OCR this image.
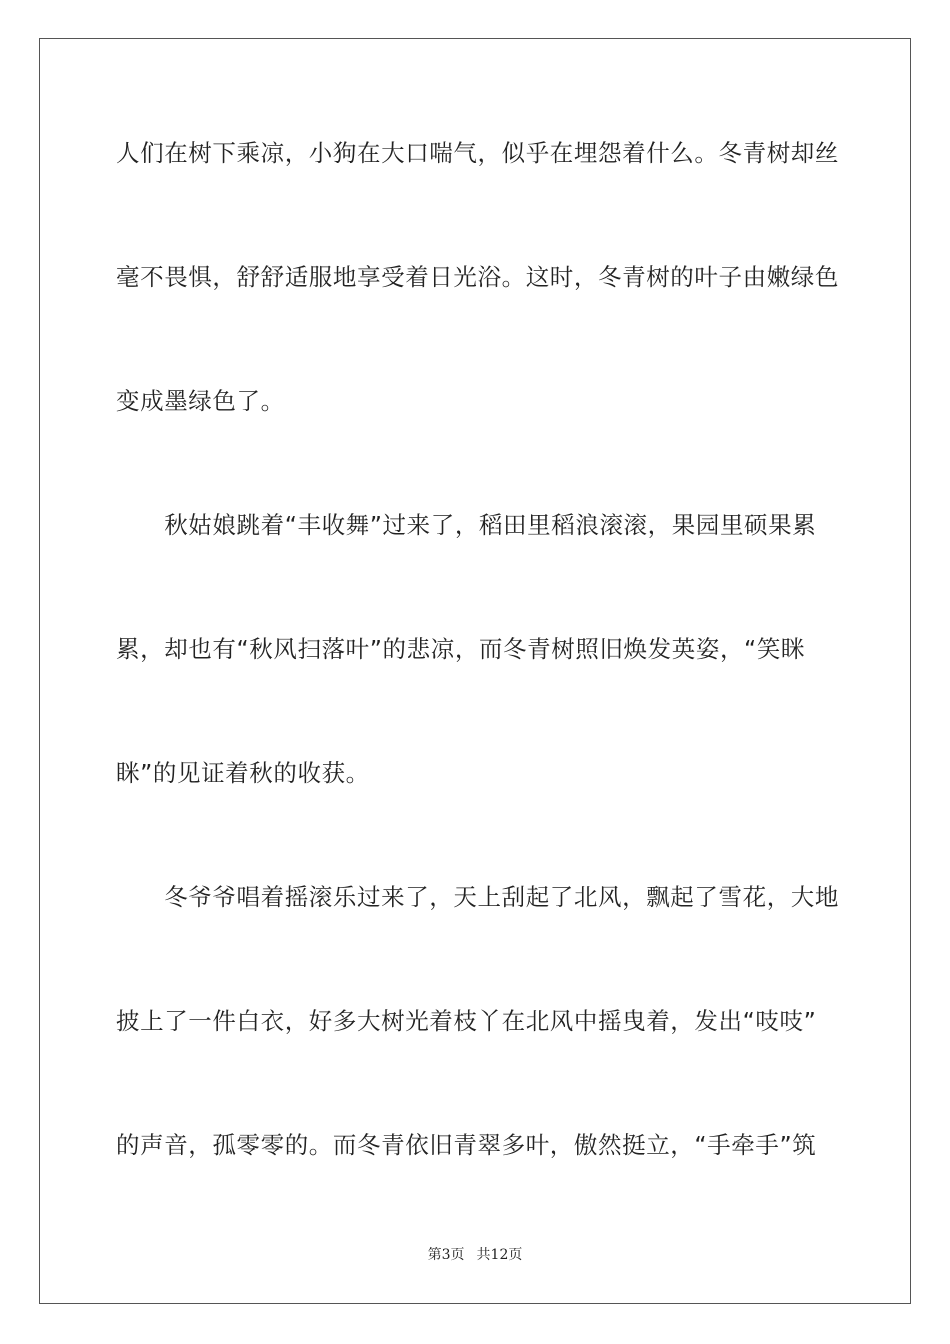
人们在树下乘凉，小狗在大口喘气，似乎在埋怨着什么。冬青树却丝
毫不畏惧，舒舒适服地享受着日光浴。这时，冬青树的叶子由嫩绿色
变成墨绿色了。
　　秋姑娘跳着“丰收舞”过来了，稻田里稻浪滚滚，果园里硕果累
累，却也有“秋风扫落叶”的悲凉，而冬青树照旧焕发英姿，“笑眯
眯”的见证着秋的收获。
　　冬爷爷唱着摇滚乐过来了，天上刮起了北风，飘起了雪花，大地
披上了一件白衣，好多大树光着枝丫在北风中摇曳着，发出“吱吱”
的声音，孤零零的。而冬青依旧青翠多叶，傲然挺立，“手牵手”筑
第3页 共12页
